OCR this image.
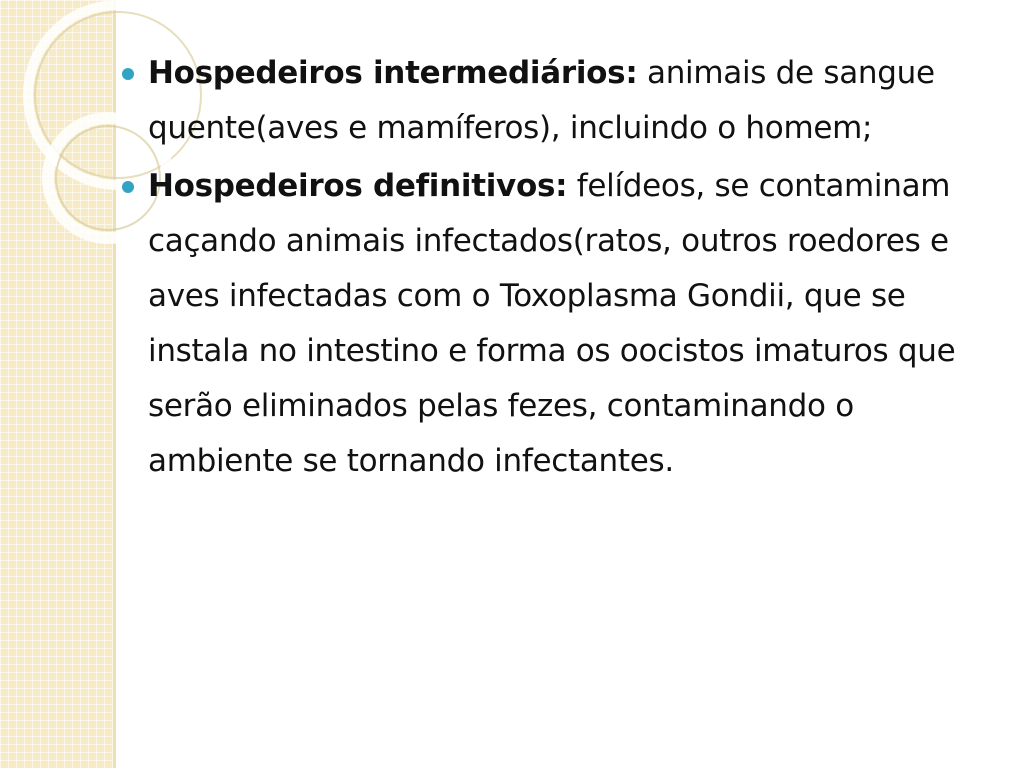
Hospedeiros intermediários: animais de sangue quente(aves e mamíferos), incluindo o homem;

Hospedeiros definitivos: felídeos, se contaminam caçando animais infectados(ratos, outros roedores e aves infectadas com o Toxoplasma Gondii, que se instala no intestino e forma os oocistos imaturos que serão eliminados pelas fezes, contaminando o ambiente se tornando infectantes.
